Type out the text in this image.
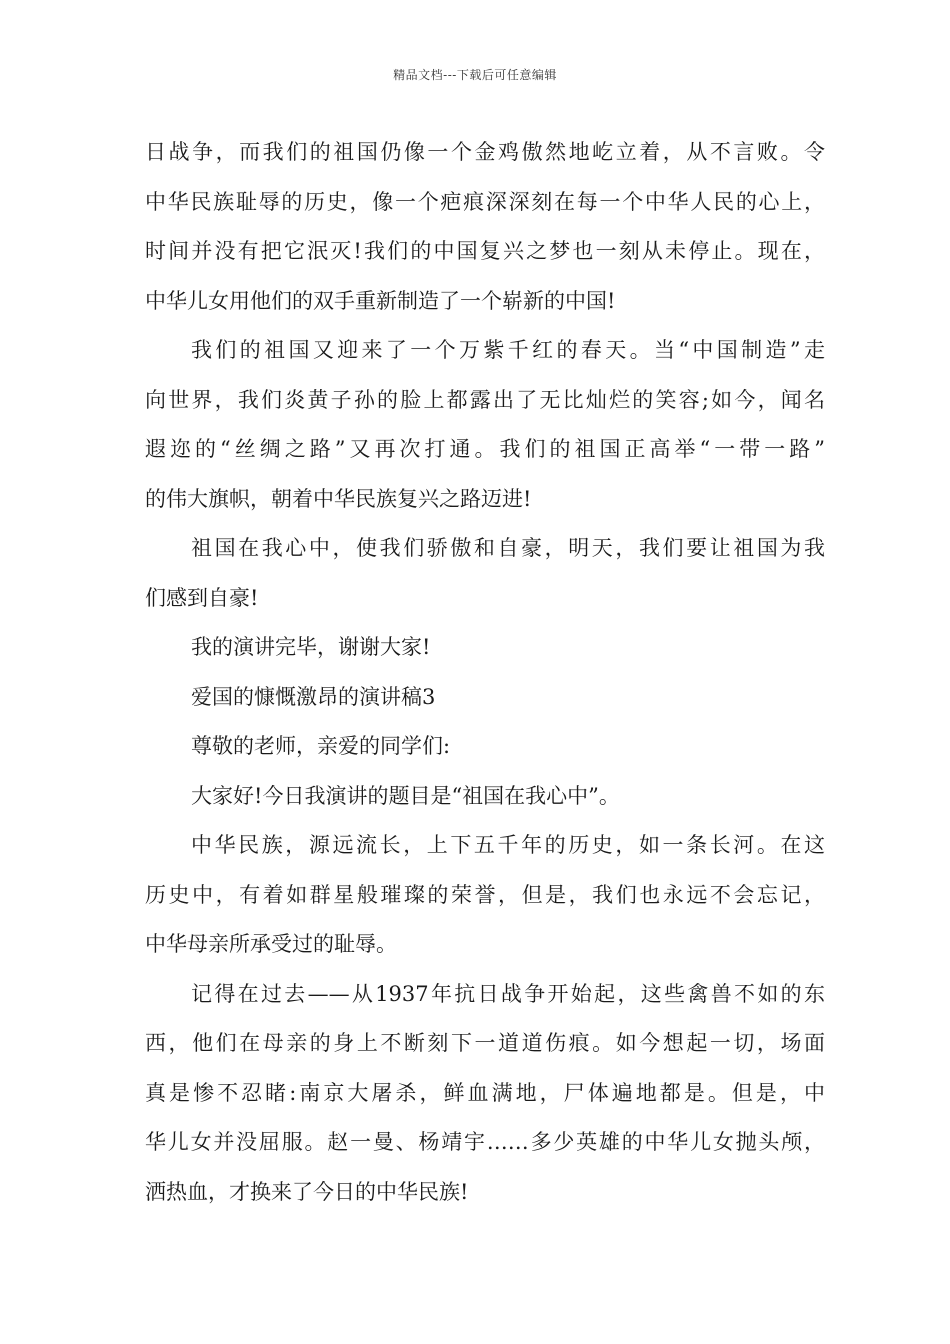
精品文档---下载后可任意编辑
日战争，而我们的祖国仍像一个金鸡傲然地屹立着，从不言败。令
中华民族耻辱的历史，像一个疤痕深深刻在每一个中华人民的心上，
时间并没有把它泯灭!我们的中国复兴之梦也一刻从未停止。现在，
中华儿女用他们的双手重新制造了一个崭新的中国!
我们的祖国又迎来了一个万紫千红的春天。当“中国制造”走
向世界，我们炎黄子孙的脸上都露出了无比灿烂的笑容;如今，闻名
遐迩的“丝绸之路”又再次打通。我们的祖国正高举“一带一路”
的伟大旗帜，朝着中华民族复兴之路迈进!
祖国在我心中，使我们骄傲和自豪，明天，我们要让祖国为我
们感到自豪!
我的演讲完毕，谢谢大家!
爱国的慷慨激昂的演讲稿3
尊敬的老师，亲爱的同学们:
大家好!今日我演讲的题目是“祖国在我心中”。
中华民族，源远流长，上下五千年的历史，如一条长河。在这
历史中，有着如群星般璀璨的荣誉，但是，我们也永远不会忘记，
中华母亲所承受过的耻辱。
记得在过去——从1937年抗日战争开始起，这些禽兽不如的东
西，他们在母亲的身上不断刻下一道道伤痕。如今想起一切，场面
真是惨不忍睹:南京大屠杀，鲜血满地，尸体遍地都是。但是，中
华儿女并没屈服。赵一曼、杨靖宇……多少英雄的中华儿女抛头颅，
洒热血，才换来了今日的中华民族!
